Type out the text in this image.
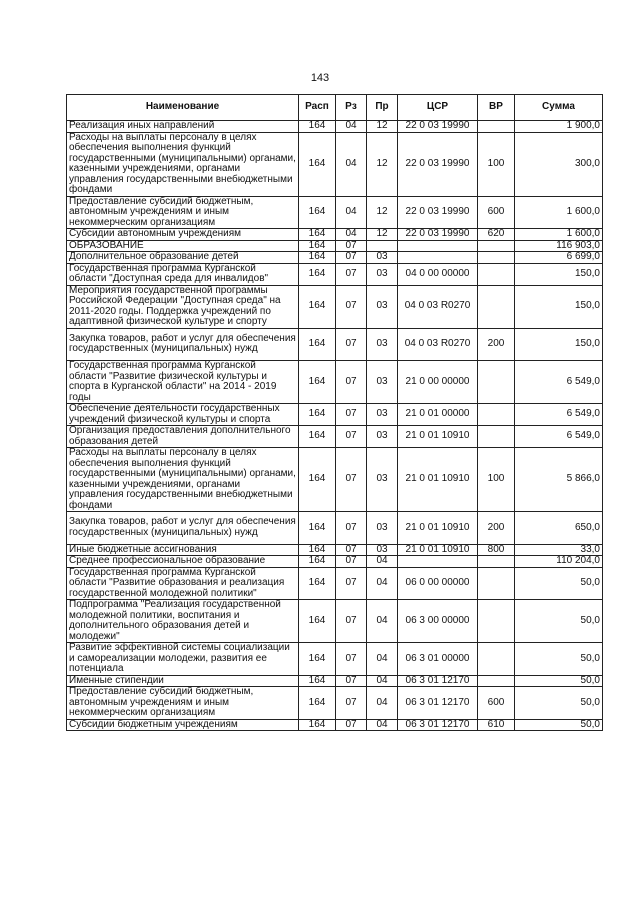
143
Наименование	Расп	Рз	Пр	ЦСР	ВР	Сумма
Реализация иных направлений	164	04	12	22 0 03 19990		1 900,0
Расходы на выплаты персоналу в целях обеспечения выполнения функций государственными (муниципальными) органами, казенными учреждениями, органами управления государственными внебюджетными фондами	164	04	12	22 0 03 19990	100	300,0
Предоставление субсидий бюджетным, автономным учреждениям и иным некоммерческим организациям	164	04	12	22 0 03 19990	600	1 600,0
Субсидии автономным учреждениям	164	04	12	22 0 03 19990	620	1 600,0
ОБРАЗОВАНИЕ	164	07				116 903,0
Дополнительное образование детей	164	07	03			6 699,0
Государственная программа Курганской области "Доступная среда для инвалидов"	164	07	03	04 0 00 00000		150,0
Мероприятия государственной программы Российской Федерации "Доступная среда" на 2011-2020 годы. Поддержка учреждений по адаптивной физической культуре и спорту	164	07	03	04 0 03 R0270		150,0
Закупка товаров, работ и услуг для обеспечения государственных (муниципальных) нужд	164	07	03	04 0 03 R0270	200	150,0
Государственная программа Курганской области "Развитие физической культуры и спорта в Курганской области" на 2014 - 2019 годы	164	07	03	21 0 00 00000		6 549,0
Обеспечение деятельности государственных учреждений физической культуры и спорта	164	07	03	21 0 01 00000		6 549,0
Организация предоставления дополнительного образования детей	164	07	03	21 0 01 10910		6 549,0
Расходы на выплаты персоналу в целях обеспечения выполнения функций государственными (муниципальными) органами, казенными учреждениями, органами управления государственными внебюджетными фондами	164	07	03	21 0 01 10910	100	5 866,0
Закупка товаров, работ и услуг для обеспечения государственных (муниципальных) нужд	164	07	03	21 0 01 10910	200	650,0
Иные бюджетные ассигнования	164	07	03	21 0 01 10910	800	33,0
Среднее профессиональное образование	164	07	04			110 204,0
Государственная программа Курганской области "Развитие образования и реализация государственной молодежной политики"	164	07	04	06 0 00 00000		50,0
Подпрограмма "Реализация государственной молодежной политики, воспитания и дополнительного образования детей и молодежи"	164	07	04	06 3 00 00000		50,0
Развитие эффективной системы социализации и самореализации молодежи, развития ее потенциала	164	07	04	06 3 01 00000		50,0
Именные стипендии	164	07	04	06 3 01 12170		50,0
Предоставление субсидий бюджетным, автономным учреждениям и иным некоммерческим организациям	164	07	04	06 3 01 12170	600	50,0
Субсидии бюджетным учреждениям	164	07	04	06 3 01 12170	610	50,0
